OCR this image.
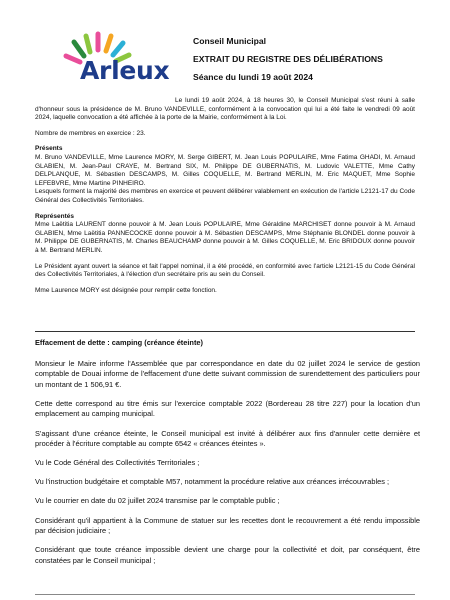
Arleux
Conseil Municipal
EXTRAIT DU REGISTRE DES DÉLIBÉRATIONS
Séance du lundi 19 août 2024

Le lundi 19 août 2024, à 18 heures 30, le Conseil Municipal s'est réuni à salle d'honneur sous la présidence de M. Bruno VANDEVILLE, conformément à la convocation qui lui a été faite le vendredi 09 août 2024, laquelle convocation a été affichée à la porte de la Mairie, conformément à la Loi.

Nombre de membres en exercice : 23.

Présents

M. Bruno VANDEVILLE, Mme Laurence MORY, M. Serge GIBERT, M. Jean Louis POPULAIRE, Mme Fatima GHADI, M. Arnaud GLABIEN, M. Jean-Paul CRAYE, M. Bertrand SIX, M. Philippe DE GUBERNATIS, M. Ludovic VALETTE, Mme Cathy DELPLANQUE, M. Sébastien DESCAMPS, M. Gilles COQUELLE, M. Bertrand MERLIN, M. Eric MAQUET, Mme Sophie LEFEBVRE, Mme Martine PINHEIRO.

Lesquels forment la majorité des membres en exercice et peuvent délibérer valablement en exécution de l'article L2121-17 du Code Général des Collectivités Territoriales.

Représentés

Mme Laëtitia LAURENT donne pouvoir à M. Jean Louis POPULAIRE, Mme Géraldine MARCHISET donne pouvoir à M. Arnaud GLABIEN, Mme Laëtitia PANNECOCKE donne pouvoir à M. Sébastien DESCAMPS, Mme Stéphanie BLONDEL donne pouvoir à M. Philippe DE GUBERNATIS, M. Charles BEAUCHAMP donne pouvoir à M. Gilles COQUELLE, M. Eric BRIDOUX donne pouvoir à M. Bertrand MERLIN.

Le Président ayant ouvert la séance et fait l'appel nominal, il a été procédé, en conformité avec l'article L2121-15 du Code Général des Collectivités Territoriales, à l'élection d'un secrétaire pris au sein du Conseil.

Mme Laurence MORY est désignée pour remplir cette fonction.

Effacement de dette : camping (créance éteinte)

Monsieur le Maire informe l'Assemblée que par correspondance en date du 02 juillet 2024 le service de gestion comptable de Douai informe de l'effacement d'une dette suivant commission de surendettement des particuliers pour un montant de 1 506,91 €.

Cette dette correspond au titre émis sur l'exercice comptable 2022 (Bordereau 28 titre 227) pour la location d'un emplacement au camping municipal.

S'agissant d'une créance éteinte, le Conseil municipal est invité à délibérer aux fins d'annuler cette dernière et procéder à l'écriture comptable au compte 6542 « créances éteintes ».

Vu le Code Général des Collectivités Territoriales ;

Vu l'instruction budgétaire et comptable M57, notamment la procédure relative aux créances irrécouvrables ;

Vu le courrier en date du 02 juillet 2024 transmise par le comptable public ;

Considérant qu'il appartient à la Commune de statuer sur les recettes dont le recouvrement a été rendu impossible par décision judiciaire ;

Considérant que toute créance impossible devient une charge pour la collectivité et doit, par conséquent, être constatées par le Conseil municipal ;
